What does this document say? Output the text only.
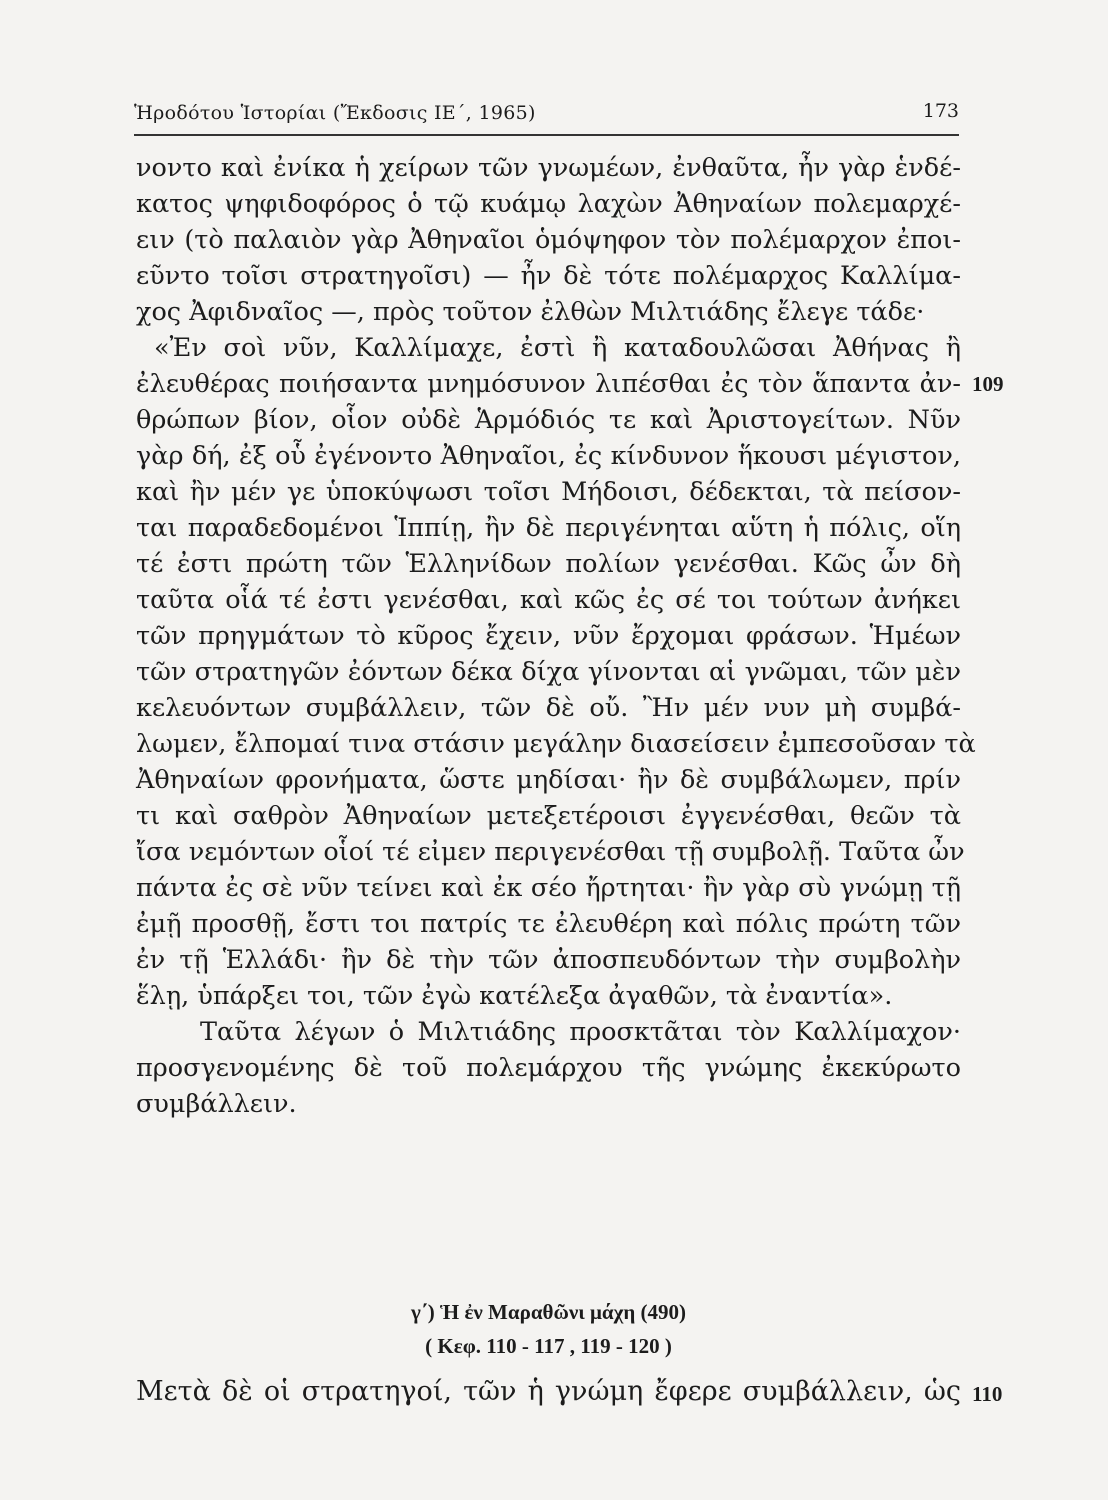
Ἡροδότου Ἱστορίαι (Ἔκδοσις ΙΕ΄, 1965)	173
νοντο καὶ ἐνίκα ἡ χείρων τῶν γνωμέων, ἐνθαῦτα, ἦν γὰρ ἑνδέ-
κατος ψηφιδοφόρος ὁ τῷ κυάμῳ λαχὼν Ἀθηναίων πολεμαρχέ-
ειν (τὸ παλαιὸν γὰρ Ἀθηναῖοι ὁμόψηφον τὸν πολέμαρχον ἐποι-
εῦντο τοῖσι στρατηγοῖσι) — ἦν δὲ τότε πολέμαρχος Καλλίμα-
χος Ἀφιδναῖος —, πρὸς τοῦτον ἐλθὼν Μιλτιάδης ἔλεγε τάδε·
«Ἐν σοὶ νῦν, Καλλίμαχε, ἐστὶ ἢ καταδουλῶσαι Ἀθήνας ἢ
ἐλευθέρας ποιήσαντα μνημόσυνον λιπέσθαι ἐς τὸν ἅπαντα ἀν-
θρώπων βίον, οἷον οὐδὲ Ἁρμόδιός τε καὶ Ἀριστογείτων. Νῦν
γὰρ δή, ἐξ οὗ ἐγένοντο Ἀθηναῖοι, ἐς κίνδυνον ἥκουσι μέγιστον,
καὶ ἢν μέν γε ὑποκύψωσι τοῖσι Μήδοισι, δέδεκται, τὰ πείσον-
ται παραδεδομένοι Ἱππίῃ, ἢν δὲ περιγένηται αὕτη ἡ πόλις, οἵη
τέ ἐστι πρώτη τῶν Ἑλληνίδων πολίων γενέσθαι. Κῶς ὦν δὴ
ταῦτα οἷά τέ ἐστι γενέσθαι, καὶ κῶς ἐς σέ τοι τούτων ἀνήκει
τῶν πρηγμάτων τὸ κῦρος ἔχειν, νῦν ἔρχομαι φράσων. Ἡμέων
τῶν στρατηγῶν ἐόντων δέκα δίχα γίνονται αἱ γνῶμαι, τῶν μὲν
κελευόντων συμβάλλειν, τῶν δὲ οὔ. Ἢν μέν νυν μὴ συμβά-
λωμεν, ἔλπομαί τινα στάσιν μεγάλην διασείσειν ἐμπεσοῦσαν τὰ
Ἀθηναίων φρονήματα, ὥστε μηδίσαι· ἢν δὲ συμβάλωμεν, πρίν
τι καὶ σαθρὸν Ἀθηναίων μετεξετέροισι ἐγγενέσθαι, θεῶν τὰ
ἴσα νεμόντων οἷοί τέ εἰμεν περιγενέσθαι τῇ συμβολῇ. Ταῦτα ὦν
πάντα ἐς σὲ νῦν τείνει καὶ ἐκ σέο ἤρτηται· ἢν γὰρ σὺ γνώμῃ τῇ
ἐμῇ προσθῇ, ἔστι τοι πατρίς τε ἐλευθέρη καὶ πόλις πρώτη τῶν
ἐν τῇ Ἑλλάδι· ἢν δὲ τὴν τῶν ἀποσπευδόντων τὴν συμβολὴν
ἕλῃ, ὑπάρξει τοι, τῶν ἐγὼ κατέλεξα ἀγαθῶν, τὰ ἐναντία».
Ταῦτα λέγων ὁ Μιλτιάδης προσκτᾶται τὸν Καλλίμαχον·
προσγενομένης δὲ τοῦ πολεμάρχου τῆς γνώμης ἐκεκύρωτο
συμβάλλειν.
109
γ΄) Ἡ ἐν Μαραθῶνι μάχη (490)
( Κεφ. 110 - 117 , 119 - 120 )
Μετὰ δὲ οἱ στρατηγοί, τῶν ἡ γνώμη ἔφερε συμβάλλειν, ὡς 110
